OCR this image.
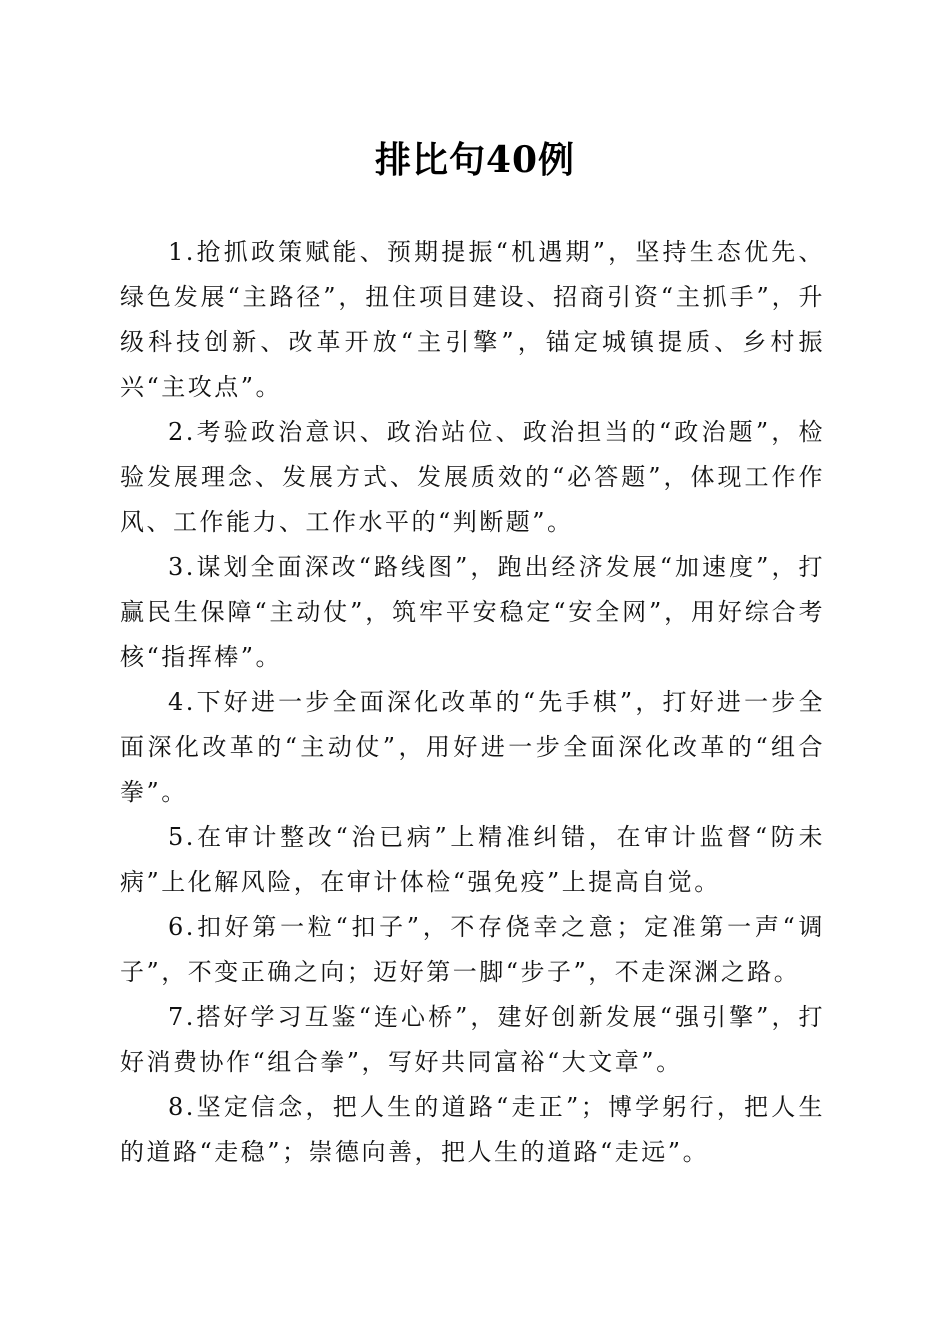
排比句40例

1.抢抓政策赋能、预期提振“机遇期”，坚持生态优先、绿色发展“主路径”，扭住项目建设、招商引资“主抓手”，升级科技创新、改革开放“主引擎”，锚定城镇提质、乡村振兴“主攻点”。

2.考验政治意识、政治站位、政治担当的“政治题”，检验发展理念、发展方式、发展质效的“必答题”，体现工作作风、工作能力、工作水平的“判断题”。

3.谋划全面深改“路线图”，跑出经济发展“加速度”，打赢民生保障“主动仗”，筑牢平安稳定“安全网”，用好综合考核“指挥棒”。

4.下好进一步全面深化改革的“先手棋”，打好进一步全面深化改革的“主动仗”，用好进一步全面深化改革的“组合拳”。

5.在审计整改“治已病”上精准纠错，在审计监督“防未病”上化解风险，在审计体检“强免疫”上提高自觉。

6.扣好第一粒“扣子”，不存侥幸之意；定准第一声“调子”，不变正确之向；迈好第一脚“步子”，不走深渊之路。

7.搭好学习互鉴“连心桥”，建好创新发展“强引擎”，打好消费协作“组合拳”，写好共同富裕“大文章”。

8.坚定信念，把人生的道路“走正”；博学躬行，把人生的道路“走稳”；崇德向善，把人生的道路“走远”。
